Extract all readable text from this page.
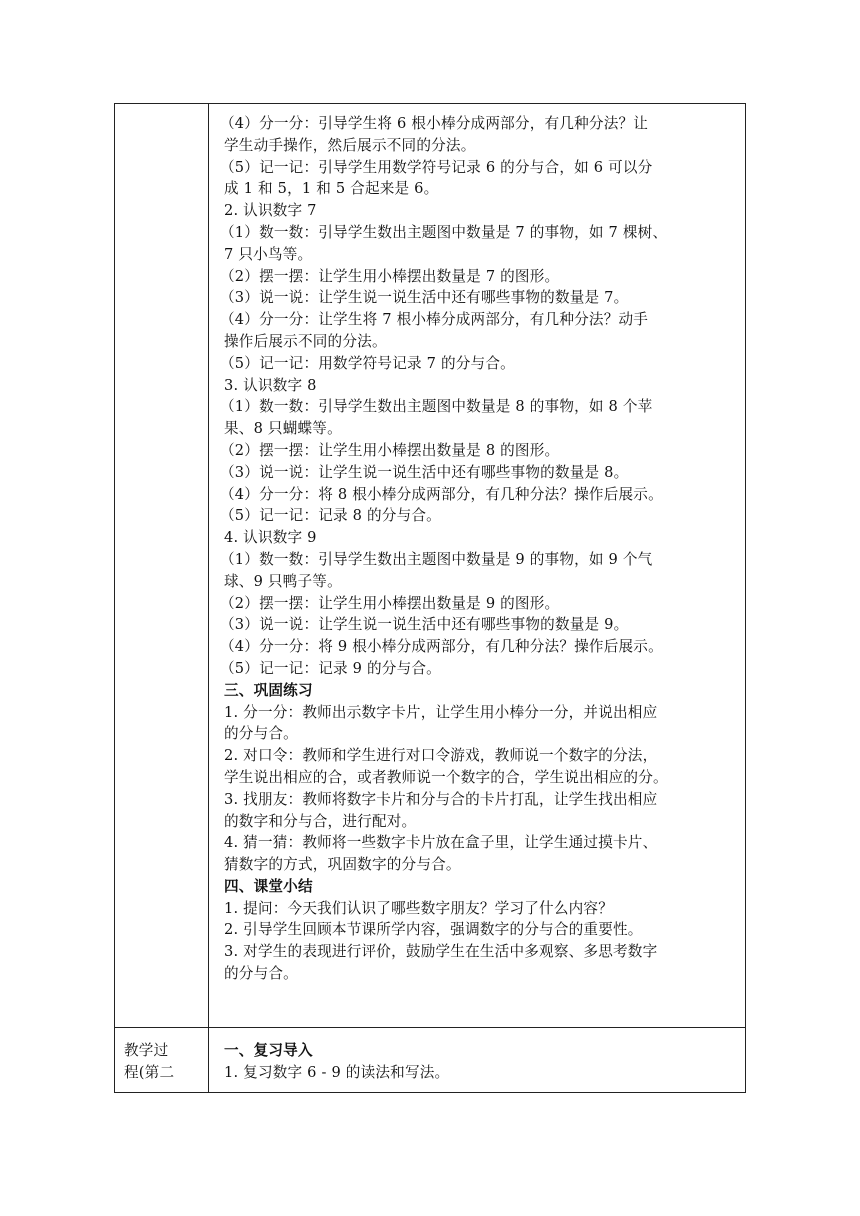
（4）分一分：引导学生将 6 根小棒分成两部分，有几种分法？让
学生动手操作，然后展示不同的分法。
（5）记一记：引导学生用数学符号记录 6 的分与合，如 6 可以分
成 1 和 5，1 和 5 合起来是 6。
2. 认识数字 7
（1）数一数：引导学生数出主题图中数量是 7 的事物，如 7 棵树、
7 只小鸟等。
（2）摆一摆：让学生用小棒摆出数量是 7 的图形。
（3）说一说：让学生说一说生活中还有哪些事物的数量是 7。
（4）分一分：让学生将 7 根小棒分成两部分，有几种分法？动手
操作后展示不同的分法。
（5）记一记：用数学符号记录 7 的分与合。
3. 认识数字 8
（1）数一数：引导学生数出主题图中数量是 8 的事物，如 8 个苹
果、8 只蝴蝶等。
（2）摆一摆：让学生用小棒摆出数量是 8 的图形。
（3）说一说：让学生说一说生活中还有哪些事物的数量是 8。
（4）分一分：将 8 根小棒分成两部分，有几种分法？操作后展示。
（5）记一记：记录 8 的分与合。
4. 认识数字 9
（1）数一数：引导学生数出主题图中数量是 9 的事物，如 9 个气
球、9 只鸭子等。
（2）摆一摆：让学生用小棒摆出数量是 9 的图形。
（3）说一说：让学生说一说生活中还有哪些事物的数量是 9。
（4）分一分：将 9 根小棒分成两部分，有几种分法？操作后展示。
（5）记一记：记录 9 的分与合。
三、巩固练习
1. 分一分：教师出示数字卡片，让学生用小棒分一分，并说出相应
的分与合。
2. 对口令：教师和学生进行对口令游戏，教师说一个数字的分法，
学生说出相应的合，或者教师说一个数字的合，学生说出相应的分。
3. 找朋友：教师将数字卡片和分与合的卡片打乱，让学生找出相应
的数字和分与合，进行配对。
4. 猜一猜：教师将一些数字卡片放在盒子里，让学生通过摸卡片、
猜数字的方式，巩固数字的分与合。
四、课堂小结
1. 提问：今天我们认识了哪些数字朋友？学习了什么内容？
2. 引导学生回顾本节课所学内容，强调数字的分与合的重要性。
3. 对学生的表现进行评价，鼓励学生在生活中多观察、多思考数字
的分与合。
教学过
程(第二
一、复习导入
1. 复习数字 6 - 9 的读法和写法。
